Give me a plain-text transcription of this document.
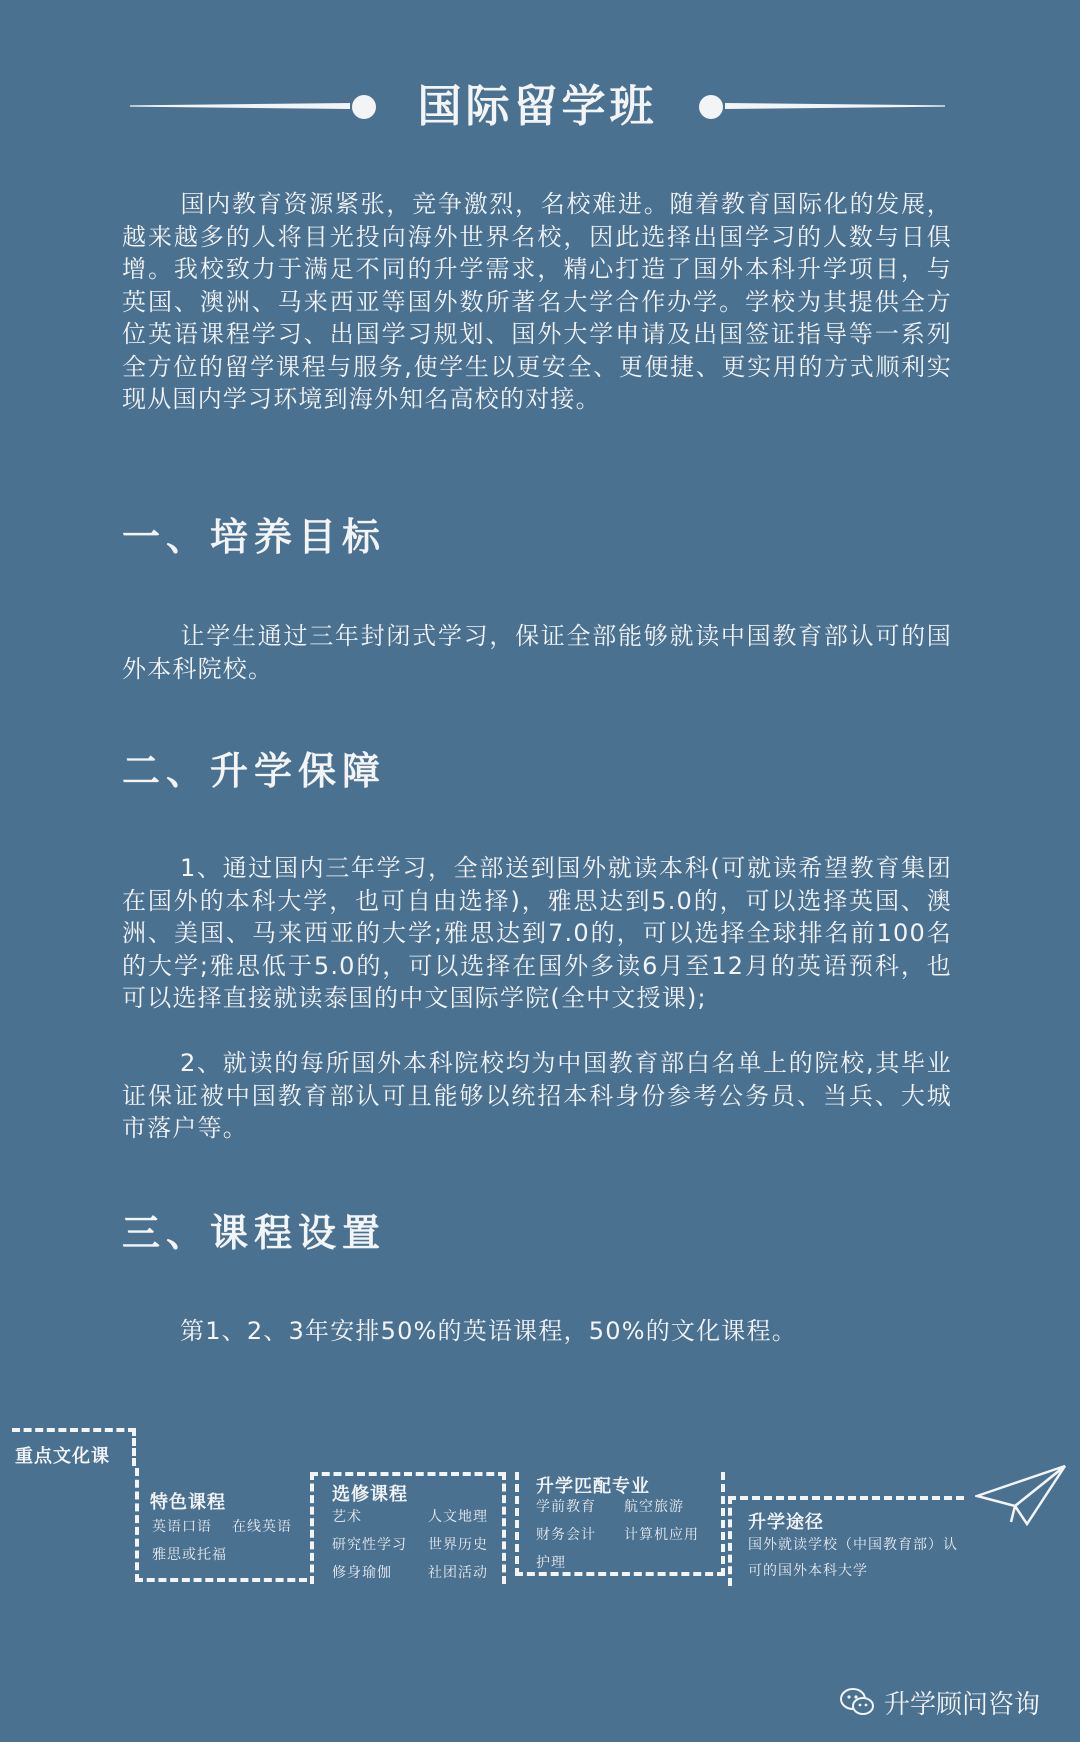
国际留学班

国内教育资源紧张，竞争激烈，名校难进。随着教育国际化的发展，越来越多的人将目光投向海外世界名校，因此选择出国学习的人数与日俱增。我校致力于满足不同的升学需求，精心打造了国外本科升学项目，与英国、澳洲、马来西亚等国外数所著名大学合作办学。学校为其提供全方位英语课程学习、出国学习规划、国外大学申请及出国签证指导等一系列全方位的留学课程与服务,使学生以更安全、更便捷、更实用的方式顺利实现从国内学习环境到海外知名高校的对接。

一、培养目标

让学生通过三年封闭式学习，保证全部能够就读中国教育部认可的国外本科院校。

二、升学保障

1、通过国内三年学习，全部送到国外就读本科(可就读希望教育集团在国外的本科大学，也可自由选择)，雅思达到5.0的，可以选择英国、澳洲、美国、马来西亚的大学;雅思达到7.0的，可以选择全球排名前100名的大学;雅思低于5.0的，可以选择在国外多读6月至12月的英语预科，也可以选择直接就读泰国的中文国际学院(全中文授课);

2、就读的每所国外本科院校均为中国教育部白名单上的院校,其毕业证保证被中国教育部认可且能够以统招本科身份参考公务员、当兵、大城市落户等。

三、课程设置

第1、2、3年安排50%的英语课程，50%的文化课程。

重点文化课
特色课程
英语口语 在线英语
雅思或托福
选修课程
艺术	人文地理
研究性学习 世界历史
修身瑜伽	社团活动
升学匹配专业
学前教育 航空旅游
财务会计 计算机应用
护理
升学途径
国外就读学校（中国教育部）认
可的国外本科大学
升学顾问咨询
